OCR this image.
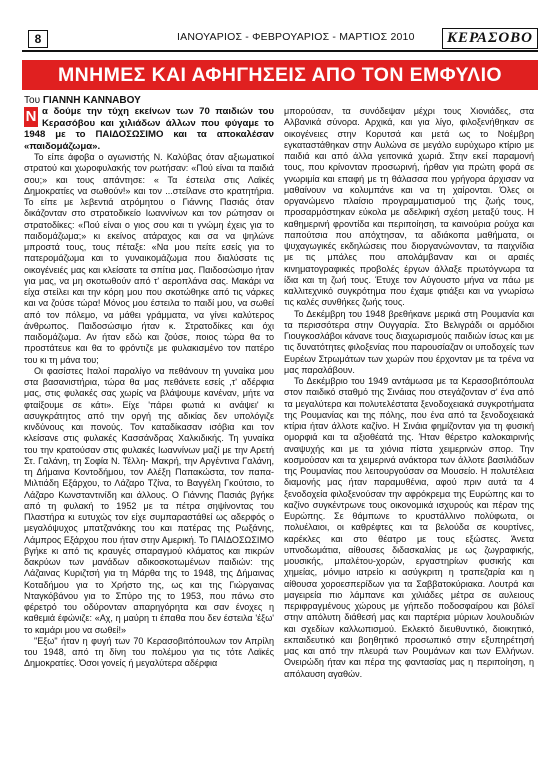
8	ΙΑΝΟΥΑΡΙΟΣ - ΦΕΒΡΟΥΑΡΙΟΣ - ΜΑΡΤΙΟΣ 2010	ΚΕΡΑΣΟΒΟ
ΜΝΗΜΕΣ ΚΑΙ ΑΦΗΓΗΣΕΙΣ ΑΠΟ ΤΟΝ ΕΜΦΥΛΙΟ
Του ΓΙΑΝΝΗ ΚΑΝΝΑΒΟΥ

Ν α δούμε την τύχη εκείνων των 70 παιδιών του Κερασόβου και χιλιάδων άλλων που φύγαμε το 1948 με το ΠΑΙΔΟΣΩΣΙΜΟ και τα αποκαλέσαν «παιδομάζωμα».

Το είπε άφοβα ο αγωνιστής Ν. Καλύβας όταν αξιωματικοί στρατού και χωροφυλακής τον ρωτήσαν: «Πού είναι τα παιδιά σου;» και τους απάντησε: « Τα έστειλα στις Λαϊκές Δημοκρατίες να σωθούν!» και τον ...στείλανε στο κρατητήρια. Το είπε με λεβεντιά ατρόμητου ο Γιάννης Πασιάς όταν δικάζονταν στο στρατοδικείο Ιωαννίνων και τον ρώτησαν οι στρατοδίκες: «Πού είναι ο γιος σου και τι γνώμη έχεις για το παιδομάζωμα;» κι εκείνος ατάραχος και σα να ψηλώνε μπροστά τους, τους πέταξε: «Να μου πείτε εσείς για το πατερομάζωμα και το γυναικομάζωμα που διαλύσατε τις οικογένειές μας και κλείσατε τα σπίτια μας. Παιδοσώσιμο ήταν για μας, να μη σκοτωθούν από τ' αεροπλάνα σας. Μακάρι να είχα στείλει και την κόρη μου που σκοτώθηκε από τις νάρκες και να ζούσε τώρα! Μόνος μου έστειλα το παιδί μου, να σωθεί από τον πόλεμο, να μάθει γράμματα, να γίνει καλύτερος άνθρωπος. Παιδοσώσιμο ήταν κ. Στρατοδίκες και όχι παιδομάζωμα. Αν ήταν εδώ και ζούσε, ποιος τώρα θα το προστάτευε και θα το φρόντιζε με φυλακισμένο τον πατέρο του κι τη μάνα του;

Οι φασίστες Ιταλοί παραλίγο να πεθάνουν τη γυναίκα μου στα βασανιστήρια, τώρα θα μας πεθάνετε εσείς ,τ' αδέρφια μας, στις φυλακές σας χωρίς να βλάψουμε κανέναν, μήτε να φταίξουμε σε κάτι». Είχε 'πάρει φωτιά κι ανάψει' κι ασυγκράτητος από την οργή της αδικίας δεν υπολόγιζε κινδύνους και πονούς. Τον καταδίκασαν ισόβια και τον κλείσανε στις φυλακές Κασσάνδρας Χαλκιδικής. Τη γυναίκα του την κρατούσαν στις φυλακές Ιωαννίνων μαζί με την Αρετή Στ. Γαλάνη, τη Σοφία Ν. Τέλλη- Μακρή, την Αργέντινα Γαλάνη, τη Δήμαινα Κοντοδήμου, τον Αλέξη Παπακώστα, τον παπα-Μιλτιάδη Εξάρχου, το Λάζαρο Τζίνα, το Βαγγέλη Γκούτσιο, το Λάζαρο Κωνσταντινίδη και άλλους. Ο Γιάννης Πασιάς βγήκε από τη φυλακή το 1952 με τα πέτρα σηψίνοντας του Πλαστήρα κι ευτυχώς τον είχε συμπαραστάθεί ως αδερφός ο μεγαλόψυχος μπατζανάκης του και πατέρας της Ρωξάνης, Λάμπρος Εξάρχου που ήταν στην Αμερική. Το ΠΑΙΔΟΣΩΣΙΜΟ βγήκε κι από τις κραυγές σπαραγμού κλάματος και πικρών δακρύων των μανάδων αδικοσκοτωμένων παιδιών: της Λάζαινας Κυριζτσή για τη Μάρθα της το 1948, της Δήμαινας Κοταδήμου για το Χρήστο της, ως και της Γιώργαινας Νταγκόβάνου για το Σπύρο της το 1953, που πάνω στο φέρετρό του οδύρονταν απαρηγόρητα και σαν ένοχες η καθεμιά έφώνιζε: «Αχ, η μαύρη τι έπαθα που δεν έστειλα 'έξω' το καμάρι μου να σωθεί!»

"Εξω" ήταν η φυγή των 70 Κερασοβιτόπουλων τον Απρίλη του 1948, από τη δίνη του πολέμου για τις τότε Λαϊκές Δημοκρατίες. Όσοι γονείς ή μεγαλύτερα αδέρφια

μπορούσαν, τα συνόδεψαν μέχρι τους Χιονιάδες, στα Αλβανικά σύνορα. Αρχικά, και για λίγο, φιλοξενήθηκαν σε οικογένειες στην Κορυτσά και μετά ως το Νοέμβρη εγκαταστάθηκαν στην Αυλώνα σε μεγάλο ευρύχωρο κτίριο με παιδιά και από άλλα γειτονικά χωριά. Στην εκεί παραμονή τους, που κρίνονταν προσωρινή, ήρθαν για πρώτη φορά σε γνωριμία και επαφή με τη θάλασσα που γρήγορα άρχισαν να μαθαίνουν να κολυμπάνε και να τη χαίρονται. Όλες οι οργανώμενο πλαίσιο προγραμματισμού της ζωής τους, προσαρμόστηκαν εύκολα με αδελφική σχέση μεταξύ τους. Η καθημερινή φροντίδα και περιποίηση, τα καινούρια ρούχα και παπούτσια που απόχτησαν, τα αδιάκοπα μαθήματα, οι ψυχαγωγικές εκδηλώσεις που διοργανώνονταν, τα παιχνίδια με τις μπάλες που απολάμβαναν και οι αραιές κινηματογραφικές προβολές έργων άλλαξε πρωτόγνωρα τα ίδια και τη ζωή τους. Έτυχε τον Αύγουστο μήνα να πάω με καλλιτεχνικό συγκρότημα που έχαμε φτιάξει και να γνωρίσω τις καλές συνθήκες ζωής τους.

Το Δεκέμβρη του 1948 βρεθήκανε μερικά στη Ρουμανία και τα περισσότερα στην Ουγγαρία. Στο Βελιγράδι οι αρμόδιοι Γιουγκοσλάβοι κάνανε τους διαχωρισμούς παιδιών ίσως και με τις δυνατότητες φιλοξενίας που παρουσίαζαν οι υποδοχείς των Ευρέων Στρωμάτων των χωρών που έρχονταν με τα τρένα να μας παραλάβουν.

Το Δεκέμβριο του 1949 αντάμωσα με τα Κερασοβιτόπουλα στον παιδικό σταθμό της Σινάιας που στεγάζονταν σ' ένα από τα μεγαλύτερα και πολυτελέστατα ξενοδοχειακά συγκροτήματα της Ρουμανίας και της πόλης, που ένα από τα ξενοδοχειακά κτίρια ήταν άλλοτε καζίνο. Η Σινάια φημίζονταν για τη φυσική ομορφιά και τα αξιοθέατά της. Ήταν θέρετρο καλοκαιρινής αναψυχής και με τα χιόνια πίστα χειμερινών σπορ. Την κοσμούσαν και τα χειμερινά ανάκτορα των άλλοτε βασιλιάδων της Ρουμανίας που λειτουργούσαν σα Μουσείο. Η πολυτέλεια διαμονής μας ήταν παραμυθένια, αφού πριν αυτά τα 4 ξενοδοχεία φιλοξενούσαν την αφρόκρεμα της Ευρώπης και το καζίνο συγκέντρωνε τους οικονομικά ισχυρούς και πέραν της Ευρώπης. Σε θάμπωνε το κρυστάλλινο πολύφωτα, οι πολυέλαιοι, οι καθρέφτες και τα βελούδα σε κουρτίνες, καρέκλες και στο θέατρο με τους εξώστες. Άνετα υπνοδωμάτια, αίθουσες διδασκαλίας με ως ζωγραφικής, μουσικής, μπαλέτου-χορών, εργαστηρίων φυσικής και χημείας, μόνιμο ιατρείο κι ασύγκριτη η τραπεζαρία και η αίθουσα χοροεσπερίδων για τα Σαββατοκύριακα. Λουτρά και μαγειρεία πιο λάμπανε και χιλιάδες μέτρα σε αυλειους περιφραγμένους χώρους με γήπεδο ποδοσφαίρου και βόλεϊ στην απόλυτη διάθεσή μας και παρτέρια μύριων λουλουδιών και σχεδίων καλλωπισμού. Εκλεκτό διευθυντικό, διοικητικό, εκπαιδευτικό και βοηθητικό προσωπικό στην εξυπηρέτησή μας και από την πλευρά των Ρουμάνων και των Ελλήνων. Ονειρώδη ήταν και πέρα της φαντασίας μας η περιποίηση, η απόλαυση αγαθών.
